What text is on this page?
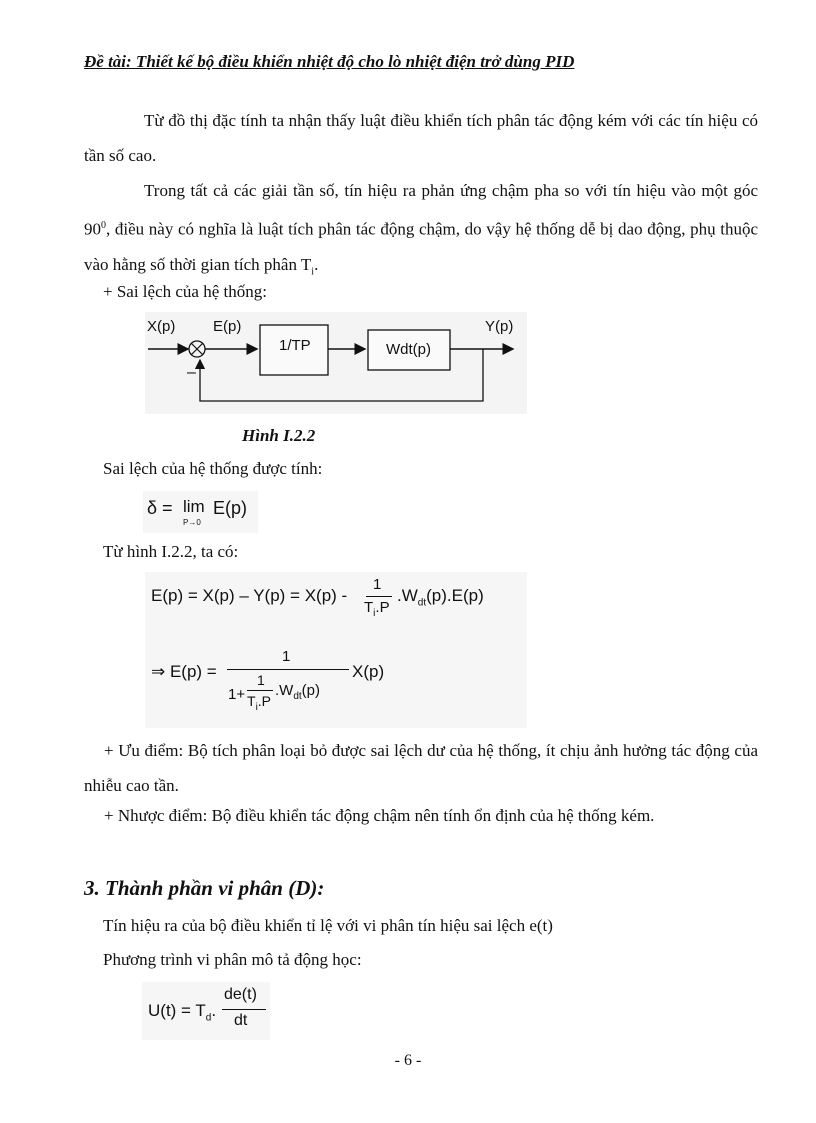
Đề tài: Thiết kế bộ điều khiển nhiệt độ cho lò nhiệt điện trở dùng PID
Từ đồ thị đặc tính ta nhận thấy luật điều khiển tích phân tác động kém với các tín hiệu có tần số cao.
Trong tất cả các giải tần số, tín hiệu ra phản ứng chậm pha so với tín hiệu vào một góc $90^0$, điều này có nghĩa là luật tích phân tác động chậm, do vậy hệ thống dễ bị dao động, phụ thuộc vào hằng số thời gian tích phân $T_i$.
+ Sai lệch của hệ thống:
X(p)	E(p)
1/TP	Wdt(p)
Y(p)
–
Hình I.2.2
Sai lệch của hệ thống được tính:
δ = lim
P→0
E(p)
Từ hình I.2.2, ta có:
E(p) = X(p) – Y(p) = X(p) -
1
$T_i.P$
$.W_{dt}(p).E(p)$
⇒ E(p) =
1
1+
1
$T_i.P$
$.W_{dt}(p)$
X(p)
+ Ưu điểm: Bộ tích phân loại bỏ được sai lệch dư của hệ thống, ít chịu ảnh hưởng tác động của nhiễu cao tần.
+ Nhược điểm: Bộ điều khiển tác động chậm nên tính ổn định của hệ thống kém.
3. Thành phần vi phân (D):
Tín hiệu ra của bộ điều khiển tỉ lệ với vi phân tín hiệu sai lệch e(t)
Phương trình vi phân mô tả động học:
$U(t) = T_d$.
de(t)
dt
- 6 -
